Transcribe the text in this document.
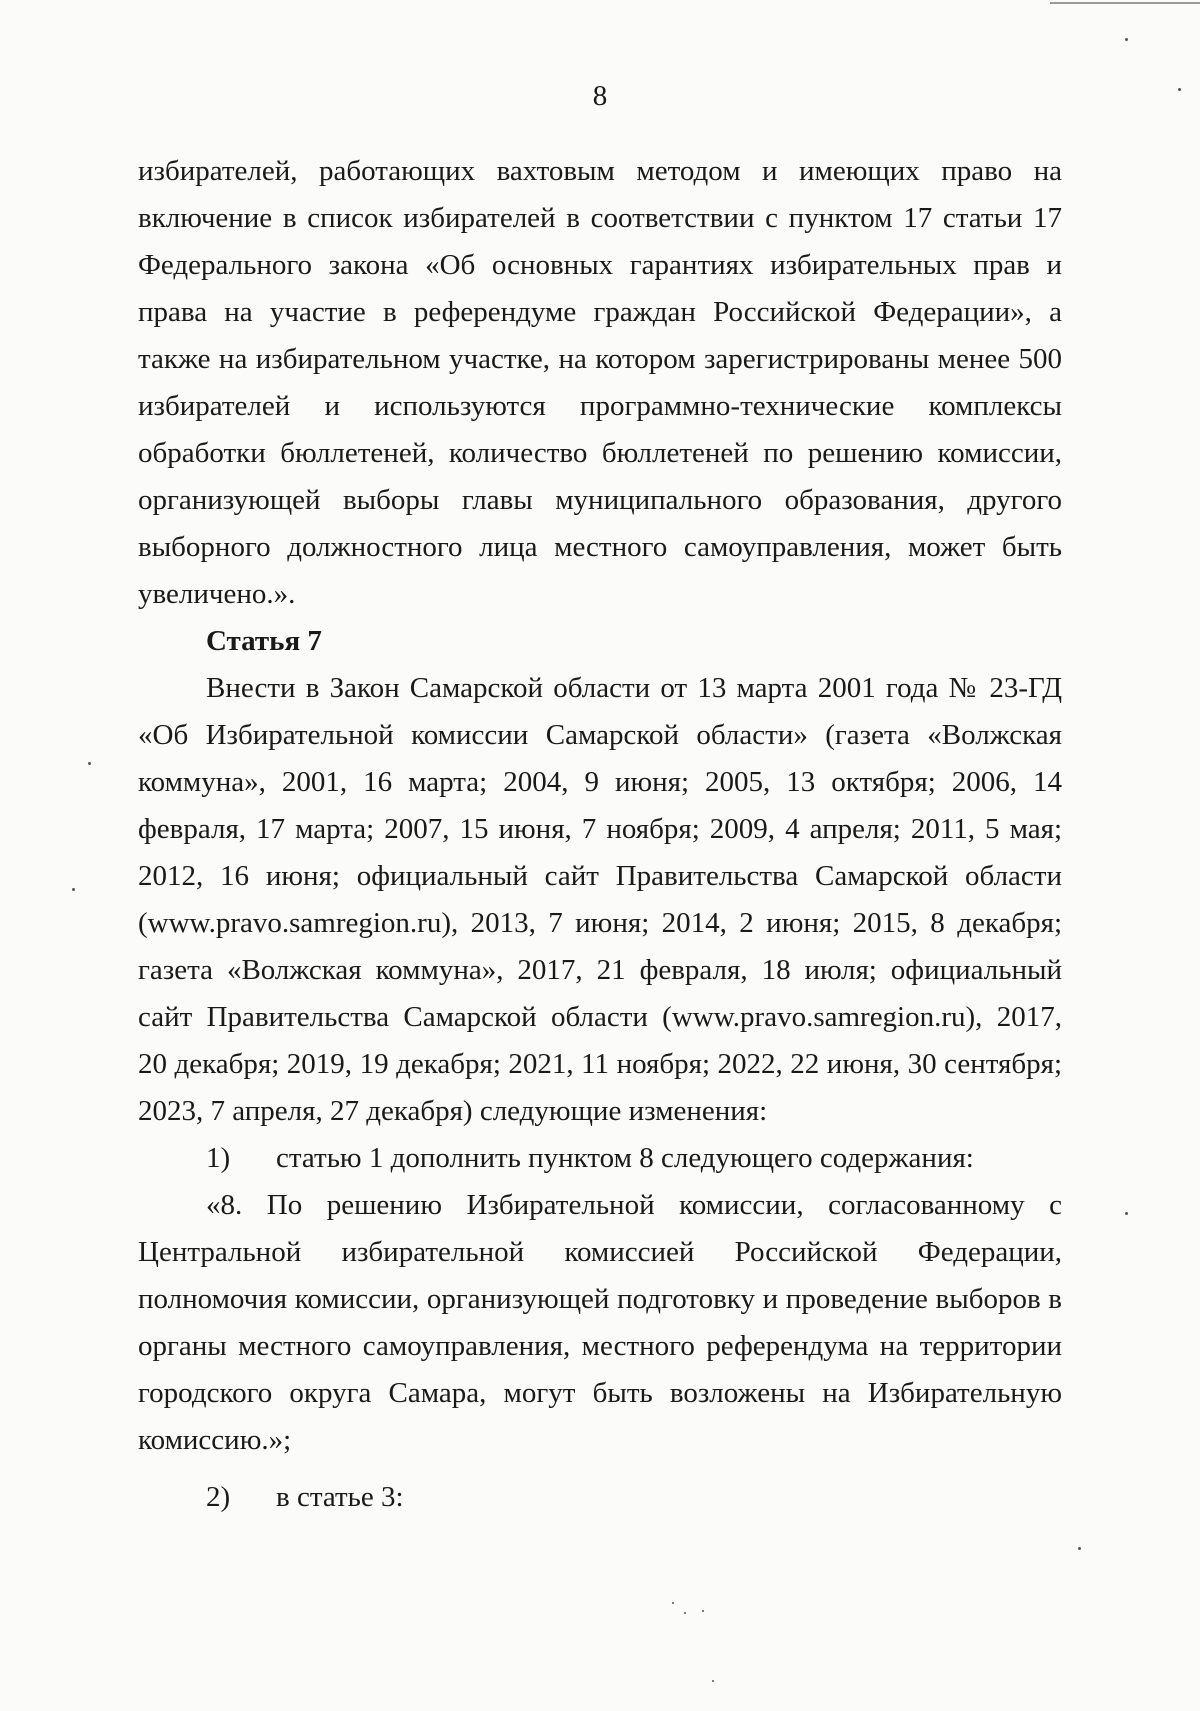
8

избирателей, работающих вахтовым методом и имеющих право на включение в список избирателей в соответствии с пунктом 17 статьи 17 Федерального закона «Об основных гарантиях избирательных прав и права на участие в референдуме граждан Российской Федерации», а также на избирательном участке, на котором зарегистрированы менее 500 избирателей и используются программно-технические комплексы обработки бюллетеней, количество бюллетеней по решению комиссии, организующей выборы главы муниципального образования, другого выборного должностного лица местного самоуправления, может быть увеличено.».

Статья 7

Внести в Закон Самарской области от 13 марта 2001 года № 23-ГД «Об Избирательной комиссии Самарской области» (газета «Волжская коммуна», 2001, 16 марта; 2004, 9 июня; 2005, 13 октября; 2006, 14 февраля, 17 марта; 2007, 15 июня, 7 ноября; 2009, 4 апреля; 2011, 5 мая; 2012, 16 июня; официальный сайт Правительства Самарской области (www.pravo.samregion.ru), 2013, 7 июня; 2014, 2 июня; 2015, 8 декабря; газета «Волжская коммуна», 2017, 21 февраля, 18 июля; официальный сайт Правительства Самарской области (www.pravo.samregion.ru), 2017, 20 декабря; 2019, 19 декабря; 2021, 11 ноября; 2022, 22 июня, 30 сентября; 2023, 7 апреля, 27 декабря) следующие изменения:

1)	статью 1 дополнить пунктом 8 следующего содержания:

«8. По решению Избирательной комиссии, согласованному с Центральной избирательной комиссией Российской Федерации, полномочия комиссии, организующей подготовку и проведение выборов в органы местного самоуправления, местного референдума на территории городского округа Самара, могут быть возложены на Избирательную комиссию.»;

2)	в статье 3:
